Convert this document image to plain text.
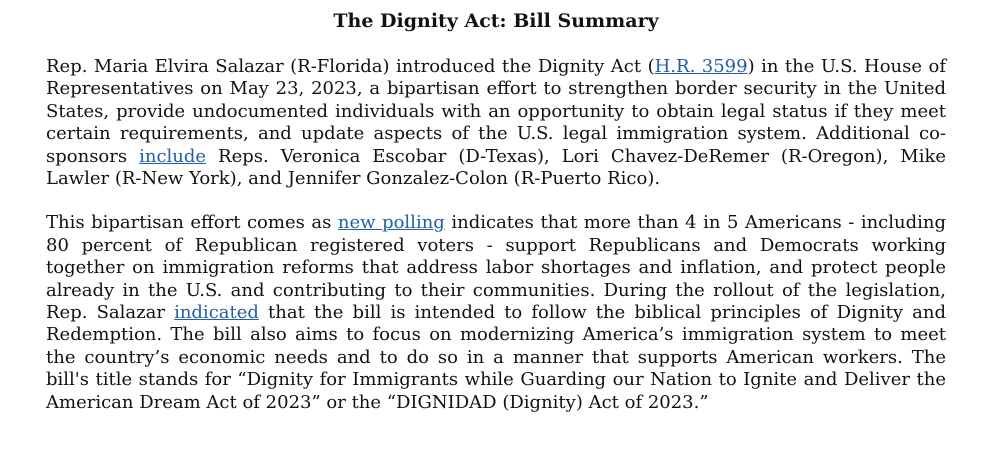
The Dignity Act: Bill Summary

Rep. Maria Elvira Salazar (R-Florida) introduced the Dignity Act (H.R. 3599) in the U.S. House of Representatives on May 23, 2023, a bipartisan effort to strengthen border security in the United States, provide undocumented individuals with an opportunity to obtain legal status if they meet certain requirements, and update aspects of the U.S. legal immigration system. Additional co-sponsors include Reps. Veronica Escobar (D-Texas), Lori Chavez-DeRemer (R-Oregon), Mike Lawler (R-New York), and Jennifer Gonzalez-Colon (R-Puerto Rico).

This bipartisan effort comes as new polling indicates that more than 4 in 5 Americans - including 80 percent of Republican registered voters - support Republicans and Democrats working together on immigration reforms that address labor shortages and inflation, and protect people already in the U.S. and contributing to their communities. During the rollout of the legislation, Rep. Salazar indicated that the bill is intended to follow the biblical principles of Dignity and Redemption. The bill also aims to focus on modernizing America’s immigration system to meet the country’s economic needs and to do so in a manner that supports American workers. The bill's title stands for “Dignity for Immigrants while Guarding our Nation to Ignite and Deliver the American Dream Act of 2023” or the “DIGNIDAD (Dignity) Act of 2023.”
